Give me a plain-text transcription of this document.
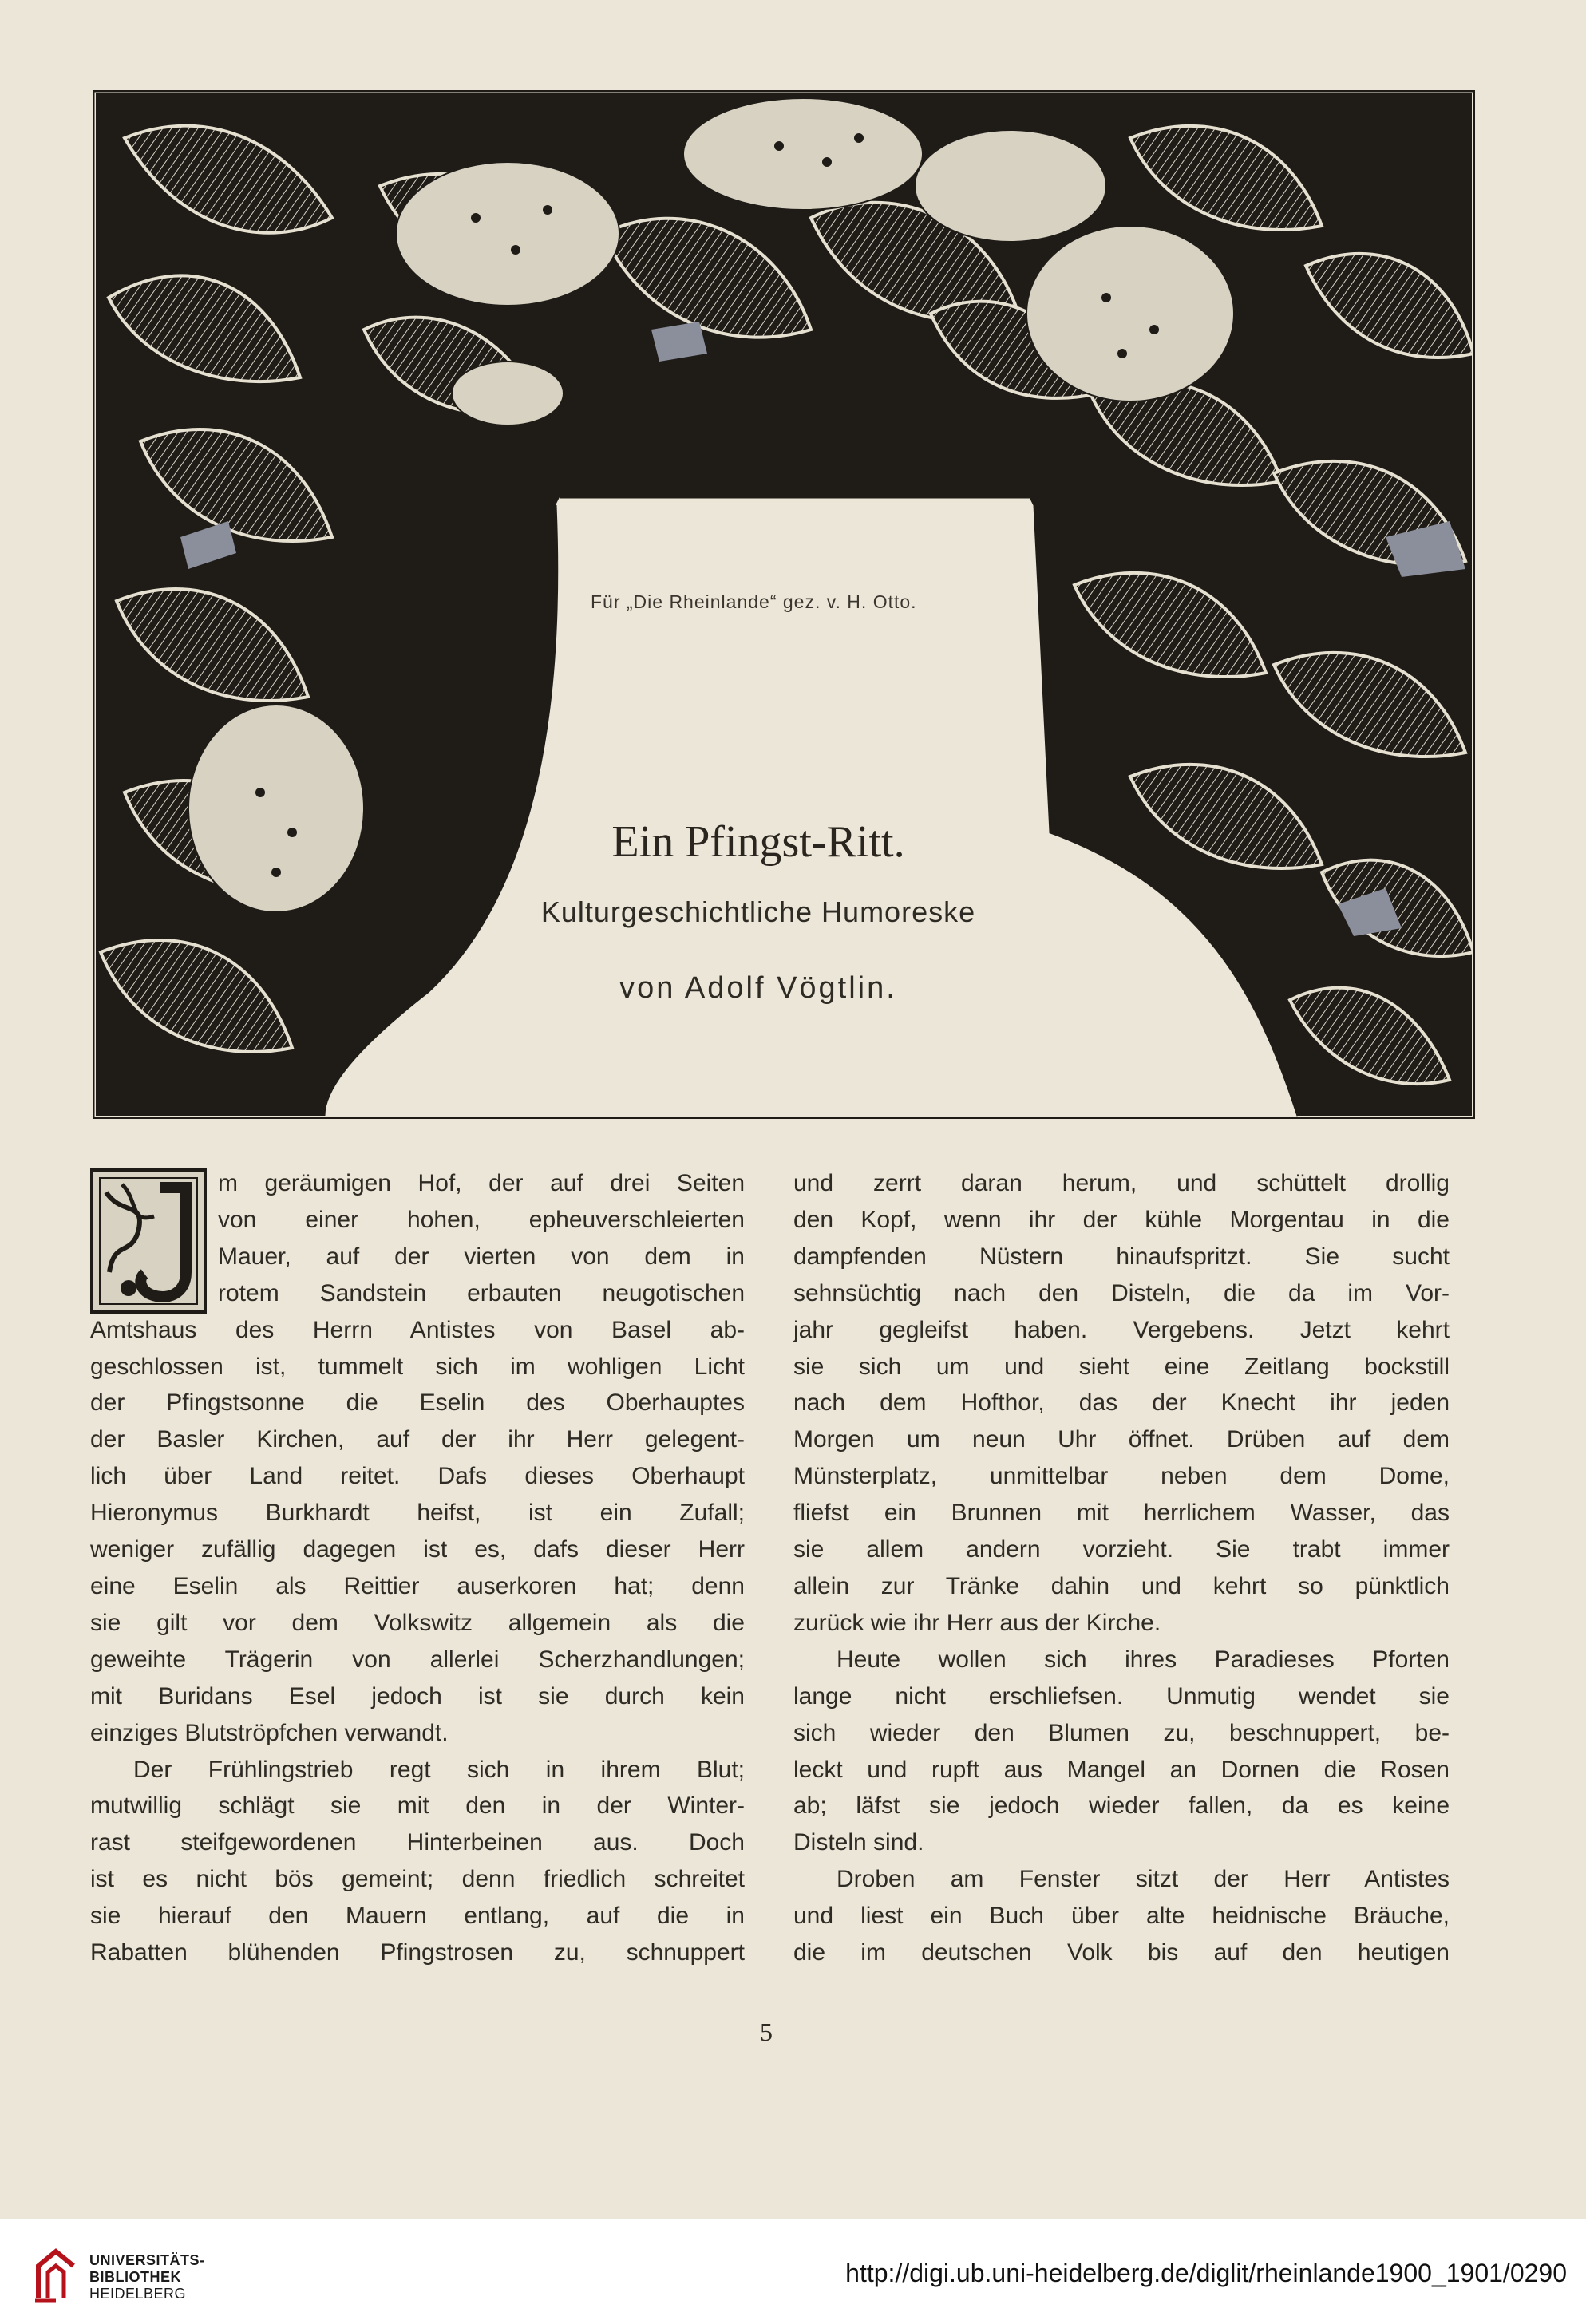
Für „Die Rheinlande“ gez. v. H. Otto.
Ein Pfingst-Ritt.
Kulturgeschichtliche Humoreske
von Adolf Vögtlin.
m geräumigen Hof, der auf drei Seiten
von einer hohen, epheuverschleierten
Mauer, auf der vierten von dem in
rotem Sandstein erbauten neugotischen
Amtshaus des Herrn Antistes von Basel ab-
geschlossen ist, tummelt sich im wohligen Licht
der Pfingstsonne die Eselin des Oberhauptes
der Basler Kirchen, auf der ihr Herr gelegent-
lich über Land reitet. Dafs dieses Oberhaupt
Hieronymus Burkhardt heifst, ist ein Zufall;
weniger zufällig dagegen ist es, dafs dieser Herr
eine Eselin als Reittier auserkoren hat; denn
sie gilt vor dem Volkswitz allgemein als die
geweihte Trägerin von allerlei Scherzhandlungen;
mit Buridans Esel jedoch ist sie durch kein
einziges Blutströpfchen verwandt.
Der Frühlingstrieb regt sich in ihrem Blut;
mutwillig schlägt sie mit den in der Winter-
rast steifgewordenen Hinterbeinen aus. Doch
ist es nicht bös gemeint; denn friedlich schreitet
sie hierauf den Mauern entlang, auf die in
Rabatten blühenden Pfingstrosen zu, schnuppert
und zerrt daran herum, und schüttelt drollig
den Kopf, wenn ihr der kühle Morgentau in die
dampfenden Nüstern hinaufspritzt. Sie sucht
sehnsüchtig nach den Disteln, die da im Vor-
jahr gegleifst haben. Vergebens. Jetzt kehrt
sie sich um und sieht eine Zeitlang bockstill
nach dem Hofthor, das der Knecht ihr jeden
Morgen um neun Uhr öffnet. Drüben auf dem
Münsterplatz, unmittelbar neben dem Dome,
fliefst ein Brunnen mit herrlichem Wasser, das
sie allem andern vorzieht. Sie trabt immer
allein zur Tränke dahin und kehrt so pünktlich
zurück wie ihr Herr aus der Kirche.
Heute wollen sich ihres Paradieses Pforten
lange nicht erschliefsen. Unmutig wendet sie
sich wieder den Blumen zu, beschnuppert, be-
leckt und rupft aus Mangel an Dornen die Rosen
ab; läfst sie jedoch wieder fallen, da es keine
Disteln sind.
Droben am Fenster sitzt der Herr Antistes
und liest ein Buch über alte heidnische Bräuche,
die im deutschen Volk bis auf den heutigen
5
UNIVERSITÄTS-
BIBLIOTHEK
HEIDELBERG
http://digi.ub.uni-heidelberg.de/diglit/rheinlande1900_1901/0290
